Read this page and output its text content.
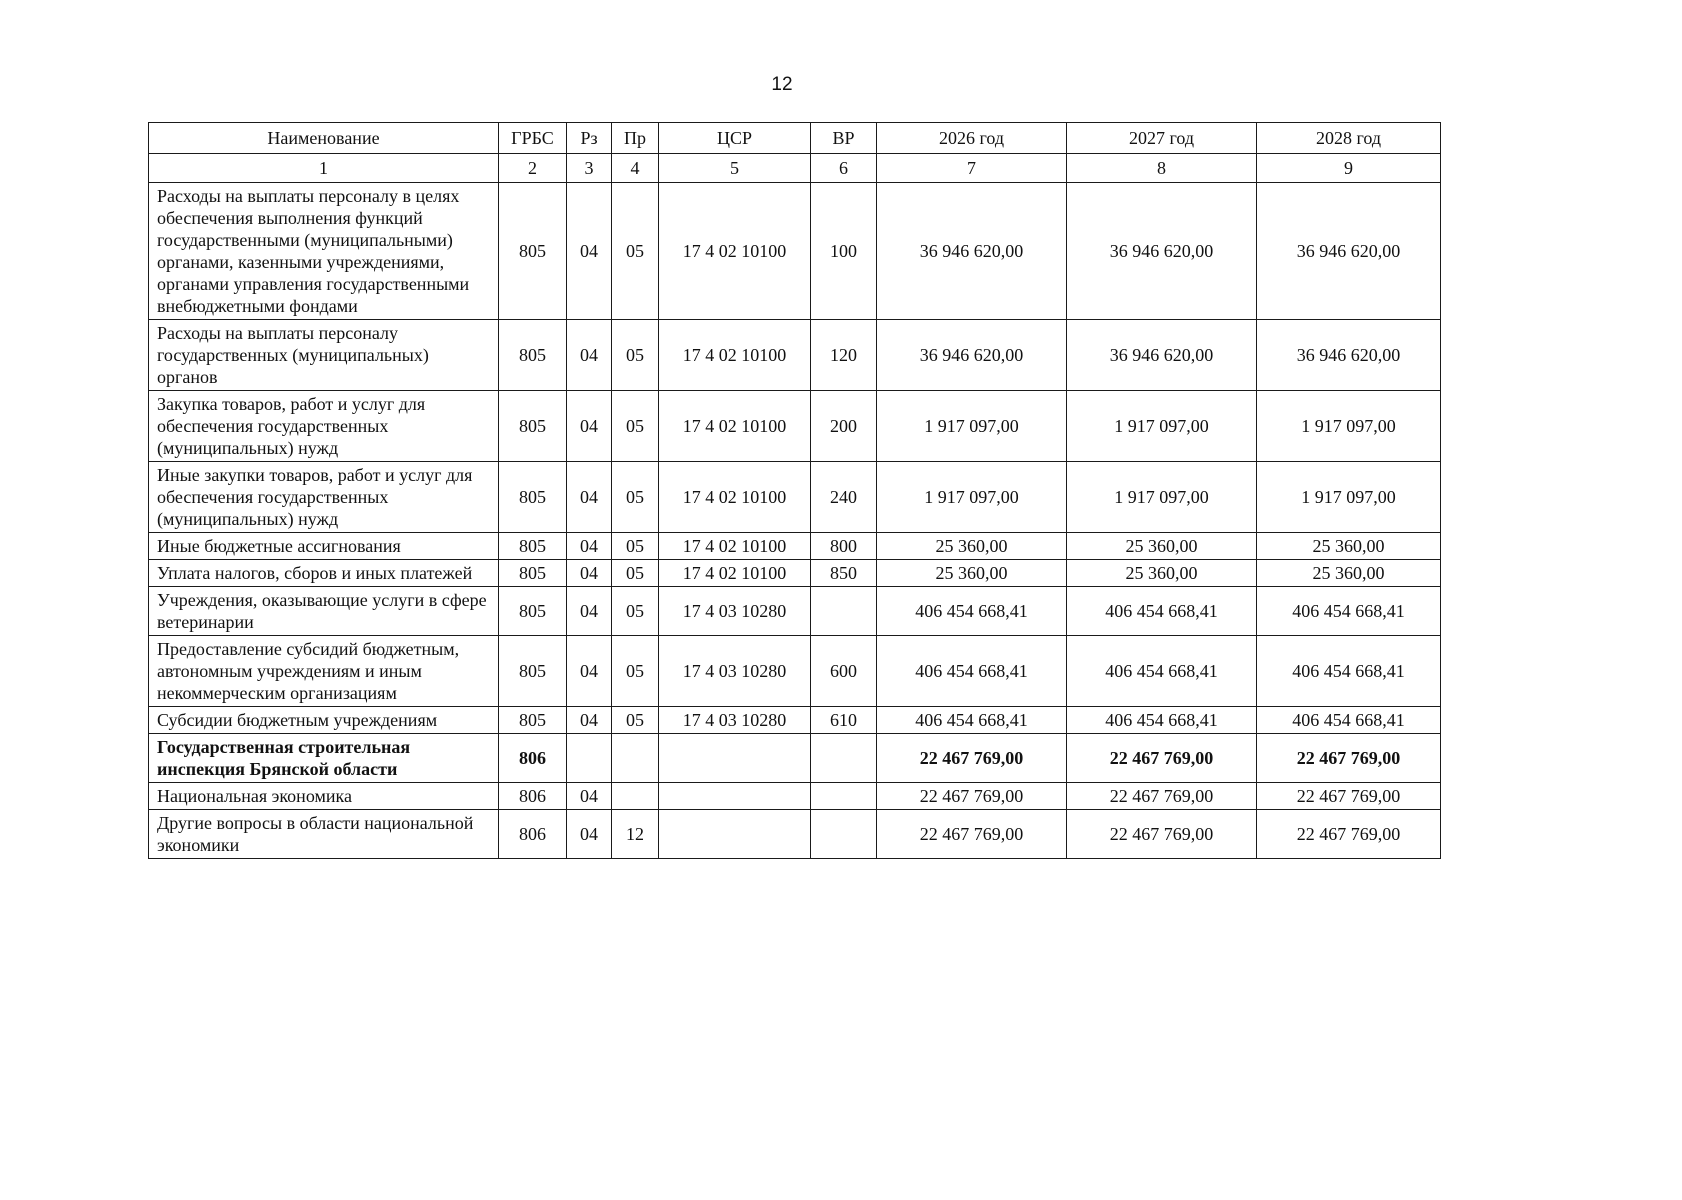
12
Наименование	ГРБС	Рз	Пр	ЦСР	ВР	2026 год	2027 год	2028 год
1	2	3	4	5	6	7	8	9
Расходы на выплаты персоналу в целях обеспечения выполнения функций государственными (муниципальными) органами, казенными учреждениями, органами управления государственными внебюджетными фондами	805	04	05	17 4 02 10100	100	36 946 620,00	36 946 620,00	36 946 620,00
Расходы на выплаты персоналу государственных (муниципальных) органов	805	04	05	17 4 02 10100	120	36 946 620,00	36 946 620,00	36 946 620,00
Закупка товаров, работ и услуг для обеспечения государственных (муниципальных) нужд	805	04	05	17 4 02 10100	200	1 917 097,00	1 917 097,00	1 917 097,00
Иные закупки товаров, работ и услуг для обеспечения государственных (муниципальных) нужд	805	04	05	17 4 02 10100	240	1 917 097,00	1 917 097,00	1 917 097,00
Иные бюджетные ассигнования	805	04	05	17 4 02 10100	800	25 360,00	25 360,00	25 360,00
Уплата налогов, сборов и иных платежей	805	04	05	17 4 02 10100	850	25 360,00	25 360,00	25 360,00
Учреждения, оказывающие услуги в сфере ветеринарии	805	04	05	17 4 03 10280		406 454 668,41	406 454 668,41	406 454 668,41
Предоставление субсидий бюджетным, автономным учреждениям и иным некоммерческим организациям	805	04	05	17 4 03 10280	600	406 454 668,41	406 454 668,41	406 454 668,41
Субсидии бюджетным учреждениям	805	04	05	17 4 03 10280	610	406 454 668,41	406 454 668,41	406 454 668,41
Государственная строительная инспекция Брянской области	806					22 467 769,00	22 467 769,00	22 467 769,00
Национальная экономика	806	04				22 467 769,00	22 467 769,00	22 467 769,00
Другие вопросы в области национальной экономики	806	04	12			22 467 769,00	22 467 769,00	22 467 769,00
